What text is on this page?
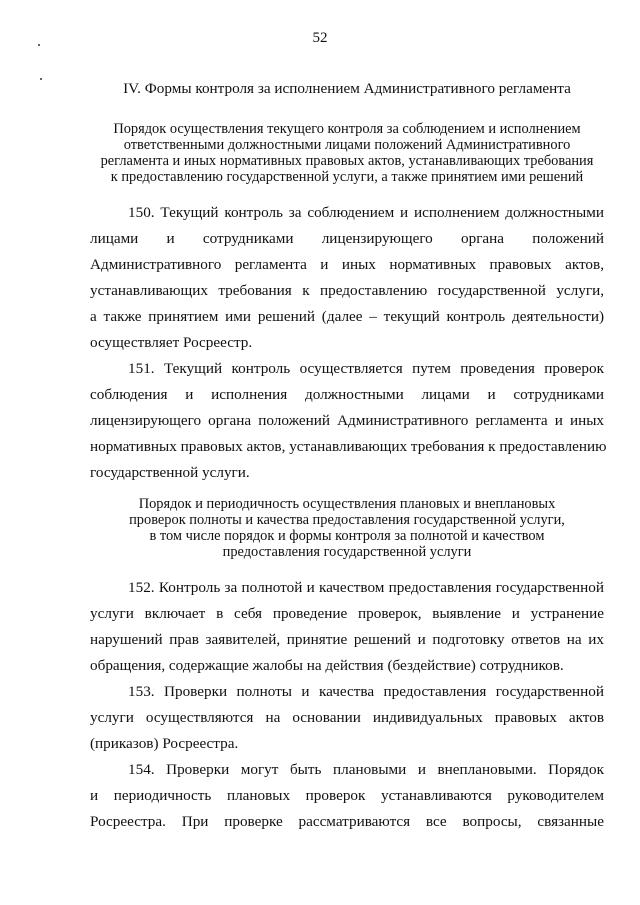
52
IV. Формы контроля за исполнением Административного регламента
Порядок осуществления текущего контроля за соблюдением и исполнением
ответственными должностными лицами положений Административного
регламента и иных нормативных правовых актов, устанавливающих требования
к предоставлению государственной услуги, а также принятием ими решений
150. Текущий контроль за соблюдением и исполнением должностными
лицами и сотрудниками лицензирующего органа положений
Административного регламента и иных нормативных правовых актов,
устанавливающих требования к предоставлению государственной услуги,
а также принятием ими решений (далее – текущий контроль деятельности)
осуществляет Росреестр.
151. Текущий контроль осуществляется путем проведения проверок
соблюдения и исполнения должностными лицами и сотрудниками
лицензирующего органа положений Административного регламента и иных
нормативных правовых актов, устанавливающих требования к предоставлению
государственной услуги.
Порядок и периодичность осуществления плановых и внеплановых
проверок полноты и качества предоставления государственной услуги,
в том числе порядок и формы контроля за полнотой и качеством
предоставления государственной услуги
152. Контроль за полнотой и качеством предоставления государственной
услуги включает в себя проведение проверок, выявление и устранение
нарушений прав заявителей, принятие решений и подготовку ответов на их
обращения, содержащие жалобы на действия (бездействие) сотрудников.
153. Проверки полноты и качества предоставления государственной
услуги осуществляются на основании индивидуальных правовых актов
(приказов) Росреестра.
154. Проверки могут быть плановыми и внеплановыми. Порядок
и периодичность плановых проверок устанавливаются руководителем
Росреестра. При проверке рассматриваются все вопросы, связанные
